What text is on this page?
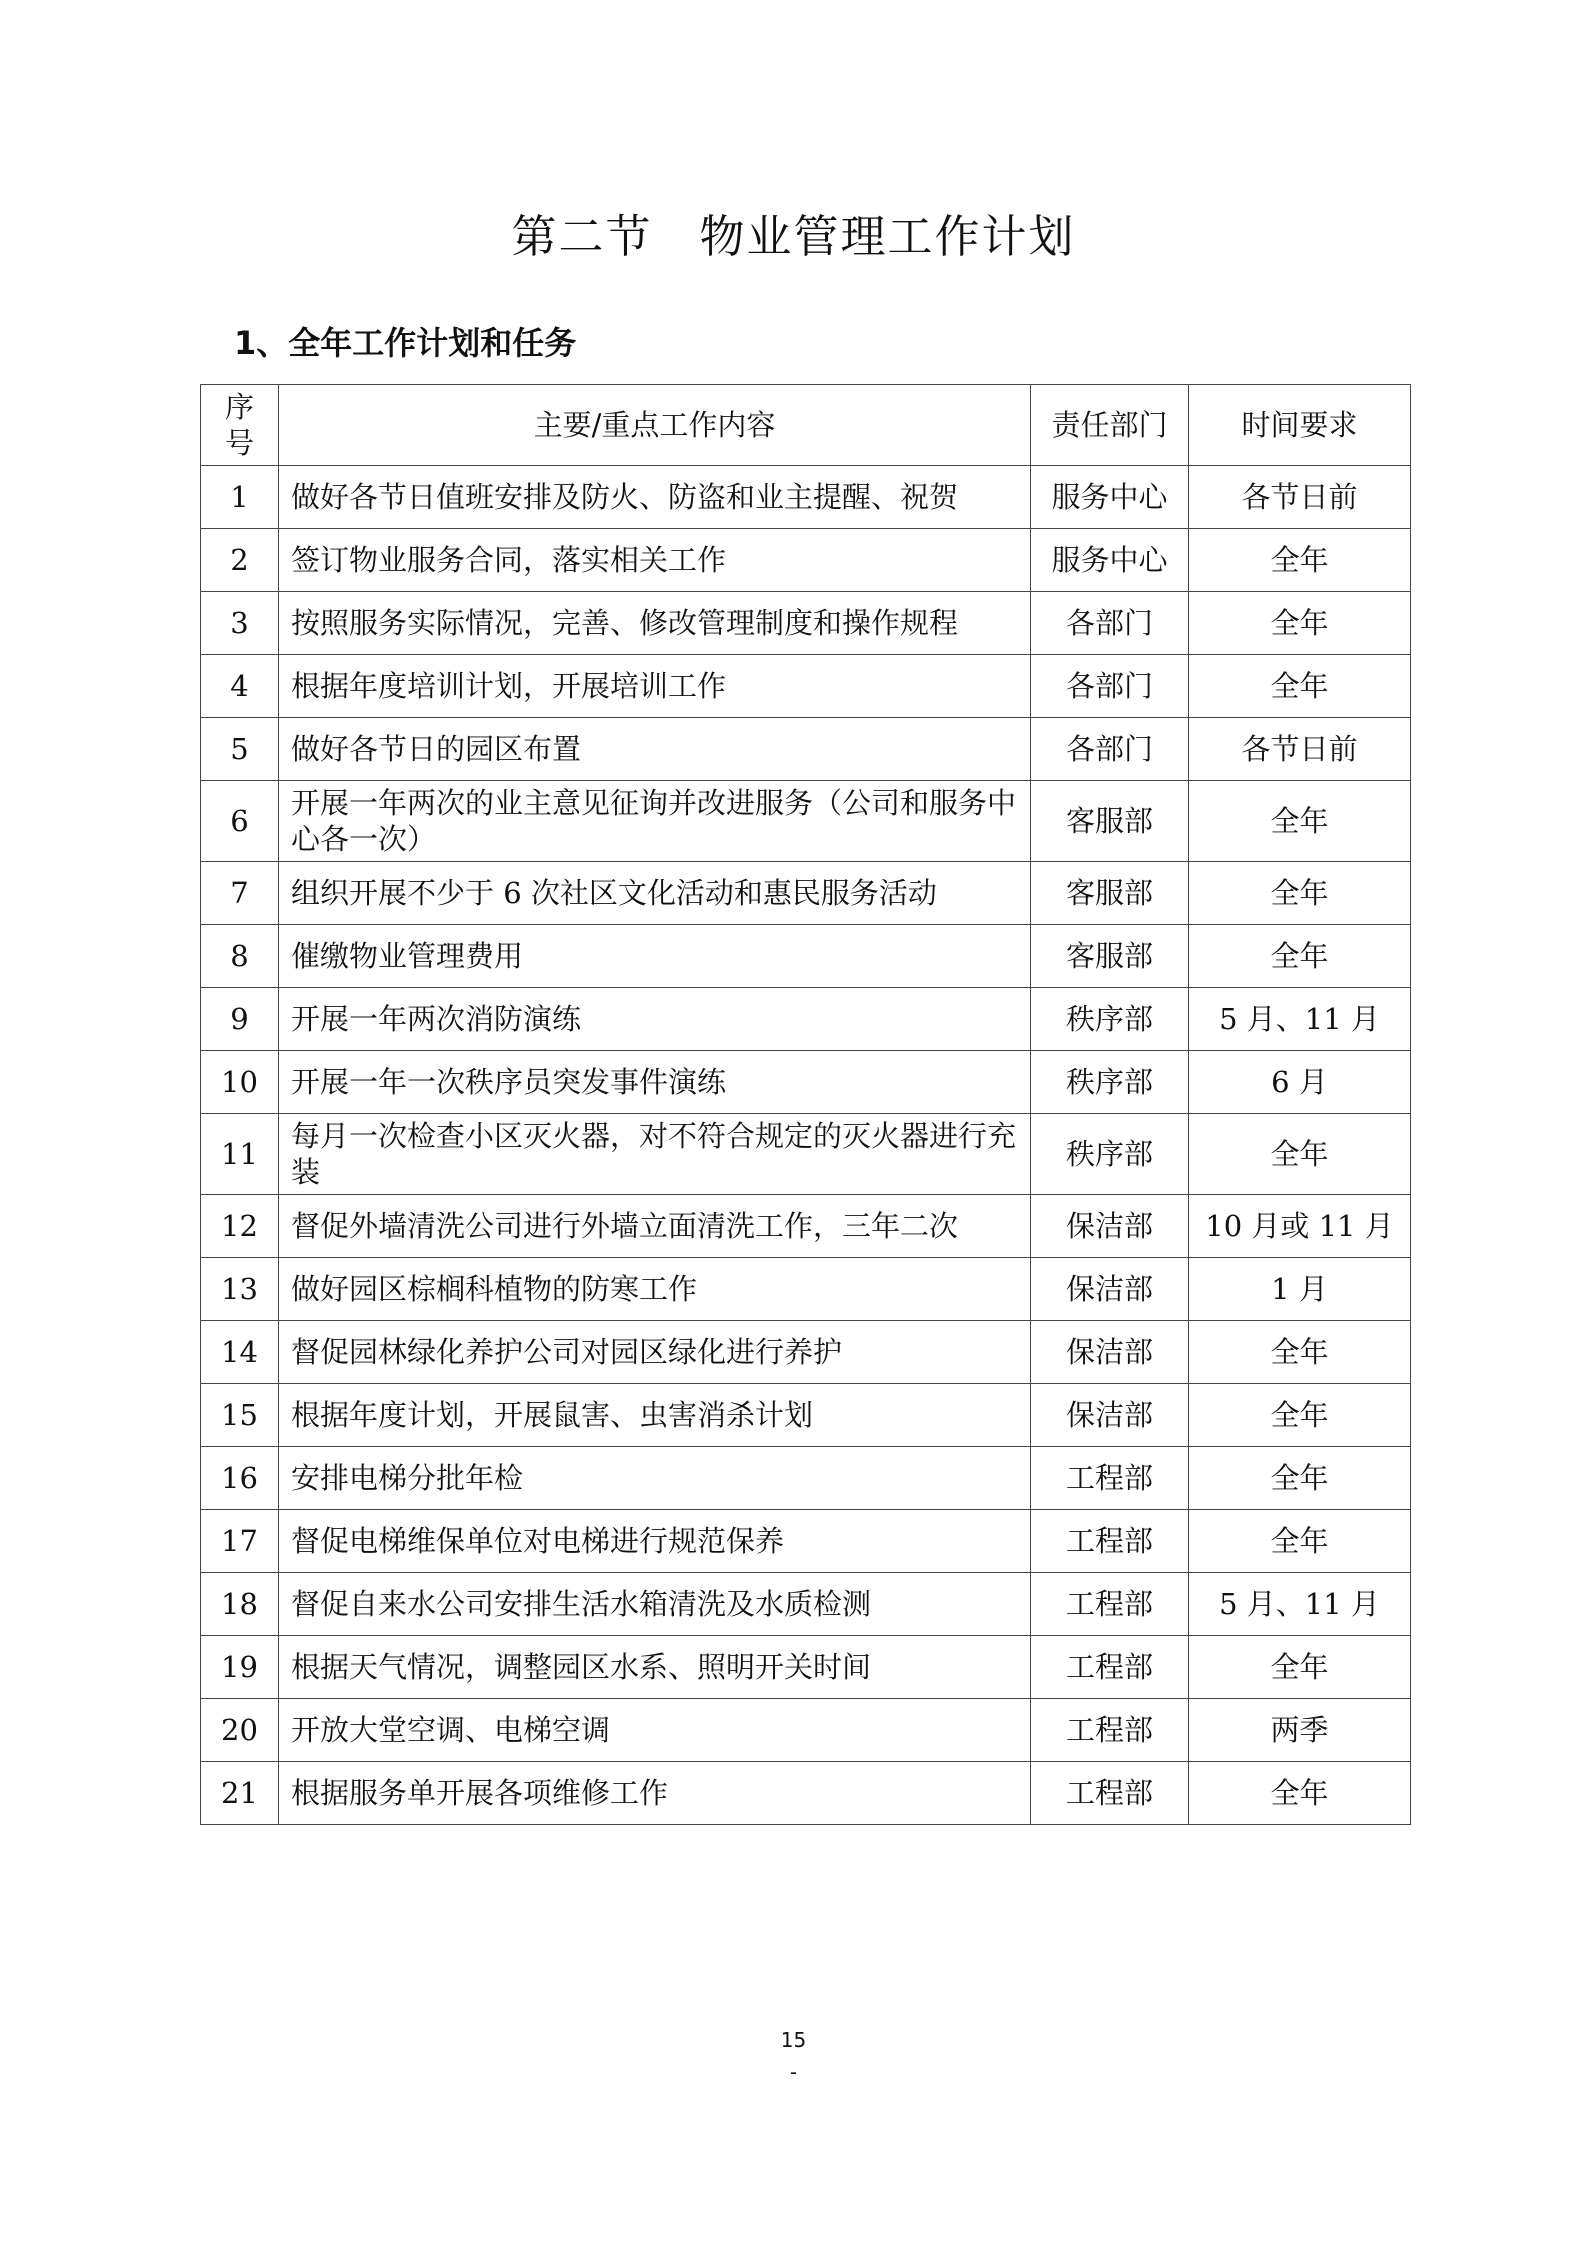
第二节　物业管理工作计划
1、全年工作计划和任务
序号	主要/重点工作内容	责任部门	时间要求
1	做好各节日值班安排及防火、防盗和业主提醒、祝贺	服务中心	各节日前
2	签订物业服务合同，落实相关工作	服务中心	全年
3	按照服务实际情况，完善、修改管理制度和操作规程	各部门	全年
4	根据年度培训计划，开展培训工作	各部门	全年
5	做好各节日的园区布置	各部门	各节日前
6	开展一年两次的业主意见征询并改进服务（公司和服务中心各一次）	客服部	全年
7	组织开展不少于 6 次社区文化活动和惠民服务活动	客服部	全年
8	催缴物业管理费用	客服部	全年
9	开展一年两次消防演练	秩序部	5 月、11 月
10	开展一年一次秩序员突发事件演练	秩序部	6 月
11	每月一次检查小区灭火器，对不符合规定的灭火器进行充装	秩序部	全年
12	督促外墙清洗公司进行外墙立面清洗工作，三年二次	保洁部	10 月或 11 月
13	做好园区棕榈科植物的防寒工作	保洁部	1 月
14	督促园林绿化养护公司对园区绿化进行养护	保洁部	全年
15	根据年度计划，开展鼠害、虫害消杀计划	保洁部	全年
16	安排电梯分批年检	工程部	全年
17	督促电梯维保单位对电梯进行规范保养	工程部	全年
18	督促自来水公司安排生活水箱清洗及水质检测	工程部	5 月、11 月
19	根据天气情况，调整园区水系、照明开关时间	工程部	全年
20	开放大堂空调、电梯空调	工程部	两季
21	根据服务单开展各项维修工作	工程部	全年
15
-
